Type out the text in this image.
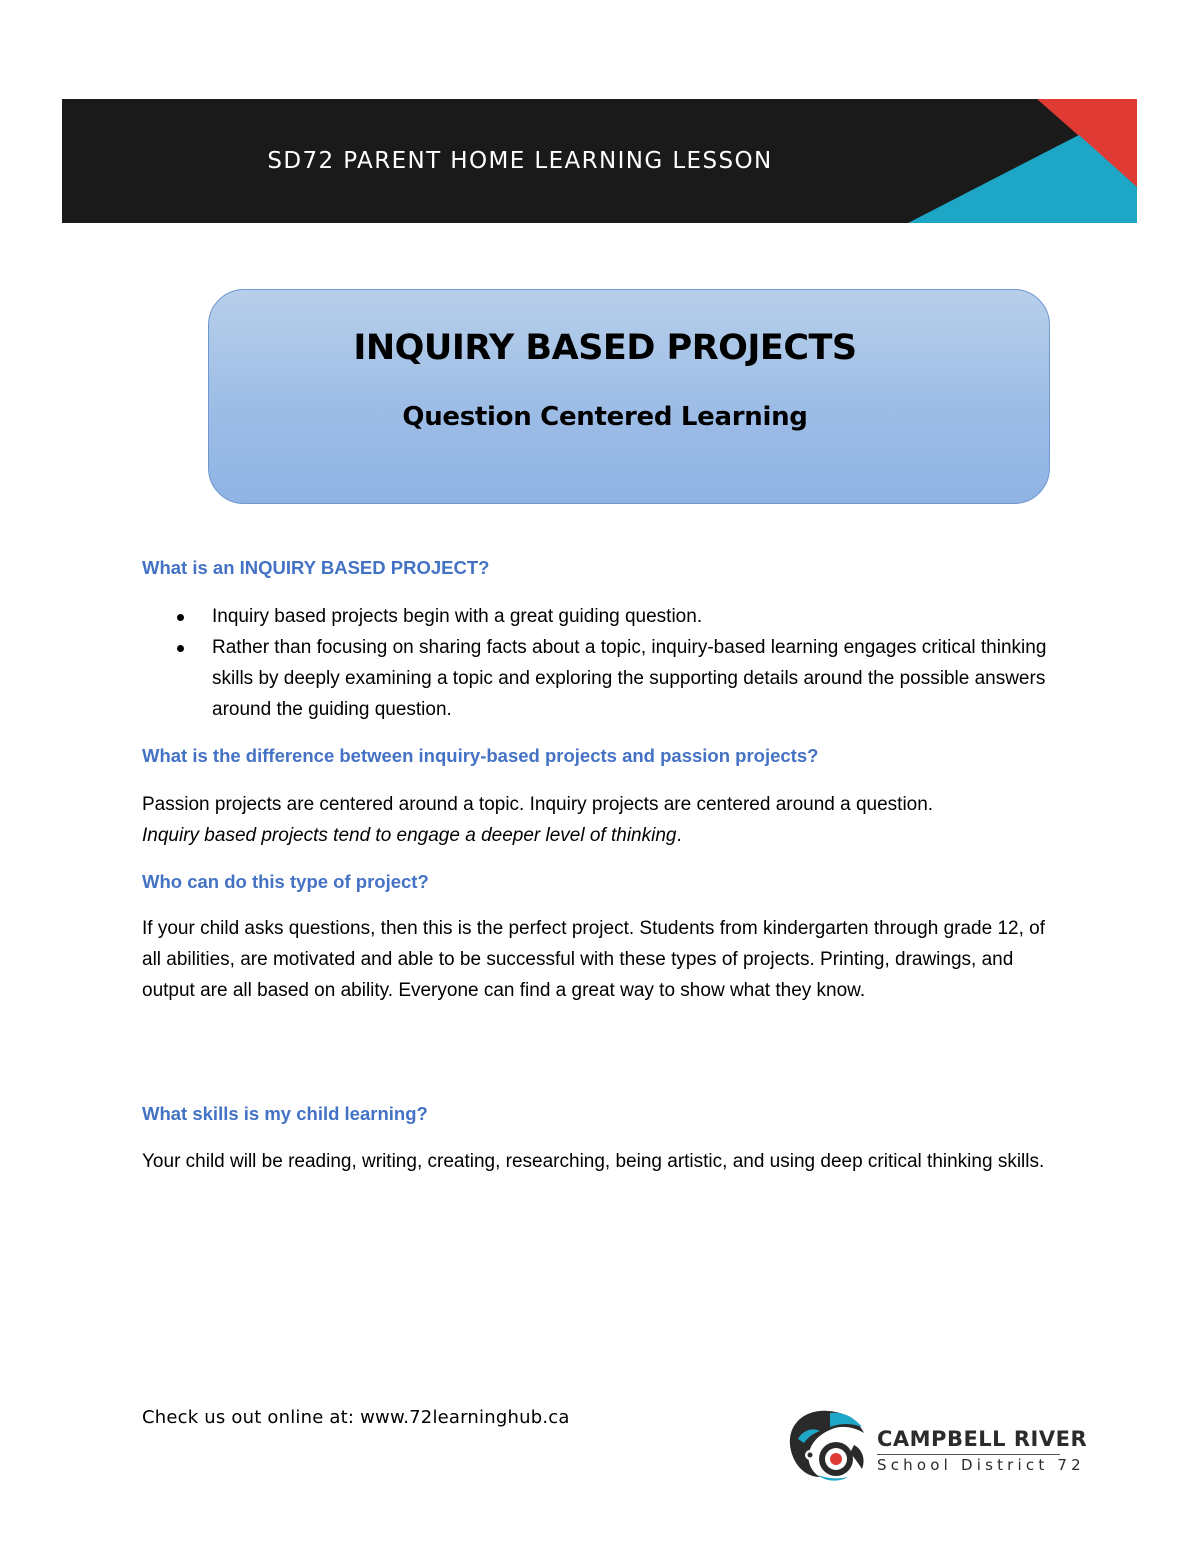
SD72 PARENT HOME LEARNING LESSON
INQUIRY BASED PROJECTS
Question Centered Learning
What is an INQUIRY BASED PROJECT?
Inquiry based projects begin with a great guiding question.
Rather than focusing on sharing facts about a topic, inquiry-based learning engages critical thinking skills by deeply examining a topic and exploring the supporting details around the possible answers around the guiding question.
What is the difference between inquiry-based projects and passion projects?
Passion projects are centered around a topic. Inquiry projects are centered around a question.
Inquiry based projects tend to engage a deeper level of thinking.
Who can do this type of project?
If your child asks questions, then this is the perfect project. Students from kindergarten through grade 12, of all abilities, are motivated and able to be successful with these types of projects. Printing, drawings, and output are all based on ability. Everyone can find a great way to show what they know.
What skills is my child learning?
Your child will be reading, writing, creating, researching, being artistic, and using deep critical thinking skills.
Check us out online at: www.72learninghub.ca
CAMPBELL RIVER
School District 72
